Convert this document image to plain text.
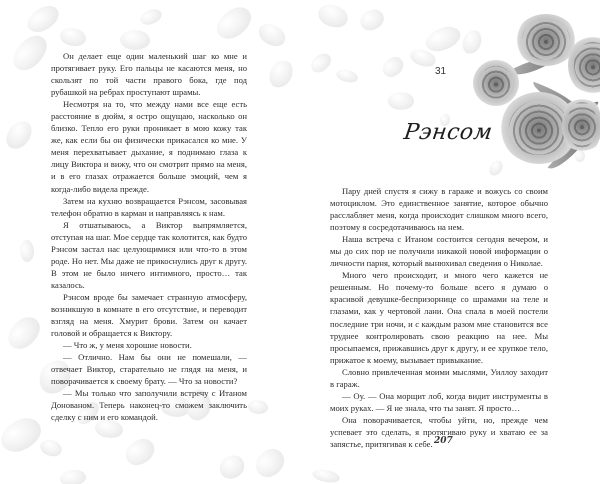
Он делает еще один маленький шаг ко мне и протягивает руку. Его пальцы не касаются меня, но скользят по той части правого бока, где под рубашкой на ребрах проступают шрамы.

Несмотря на то, что между нами все еще есть расстояние в дюйм, я остро ощущаю, насколько он близко. Тепло его руки проникает в мою кожу так же, как если бы он физически прикасался ко мне. У меня перехватывает дыхание, я поднимаю глаза к лицу Виктора и вижу, что он смотрит прямо на меня, и в его глазах отражается больше эмоций, чем я когда-либо видела прежде.

Затем на кухню возвращается Рэнсом, засовывая телефон обратно в карман и направляясь к нам.

Я отшатываюсь, а Виктор выпрямляется, отступая на шаг. Мое сердце так колотится, как будто Рэнсом застал нас целующимися или что-то в этом роде. Но нет. Мы даже не прикоснулись друг к другу. В этом не было ничего интимного, просто… так казалось.

Рэнсом вроде бы замечает странную атмосферу, возникшую в комнате в его отсутствие, и переводит взгляд на меня. Хмурит брови. Затем он качает головой и обращается к Виктору.

— Что ж, у меня хорошие новости.

— Отлично. Нам бы они не помешали, — отвечает Виктор, старательно не глядя на меня, и поворачивается к своему брату. — Что за новости?

— Мы только что заполучили встречу с Итаном Донованом. Теперь наконец-то сможем заключить сделку с ним и его командой.

31
Рэнсом

Пару дней спустя я сижу в гараже и вожусь со своим мотоциклом. Это единственное занятие, которое обычно расслабляет меня, когда происходит слишком много всего, поэтому я сосредотачиваюсь на нем.

Наша встреча с Итаном состоится сегодня вечером, и мы до сих пор не получили никакой новой информации о личности парня, который вынюхивал сведения о Николае.

Много чего происходит, и много чего кажется не решенным. Но почему-то больше всего я думаю о красивой девушке-беспризорнице со шрамами на теле и глазами, как у чертовой лани. Она спала в моей постели последние три ночи, и с каждым разом мне становится все труднее контролировать свою реакцию на нее. Мы просыпаемся, прижавшись друг к другу, и ее хрупкое тело, прижатое к моему, вызывает привыкание.

Словно привлеченная моими мыслями, Уиллоу заходит в гараж.

— Оу. — Она морщит лоб, когда видит инструменты в моих руках. — Я не знала, что ты занят. Я просто…

Она поворачивается, чтобы уйти, но, прежде чем успевает это сделать, я протягиваю руку и хватаю ее за запястье, притягивая к себе. 207
